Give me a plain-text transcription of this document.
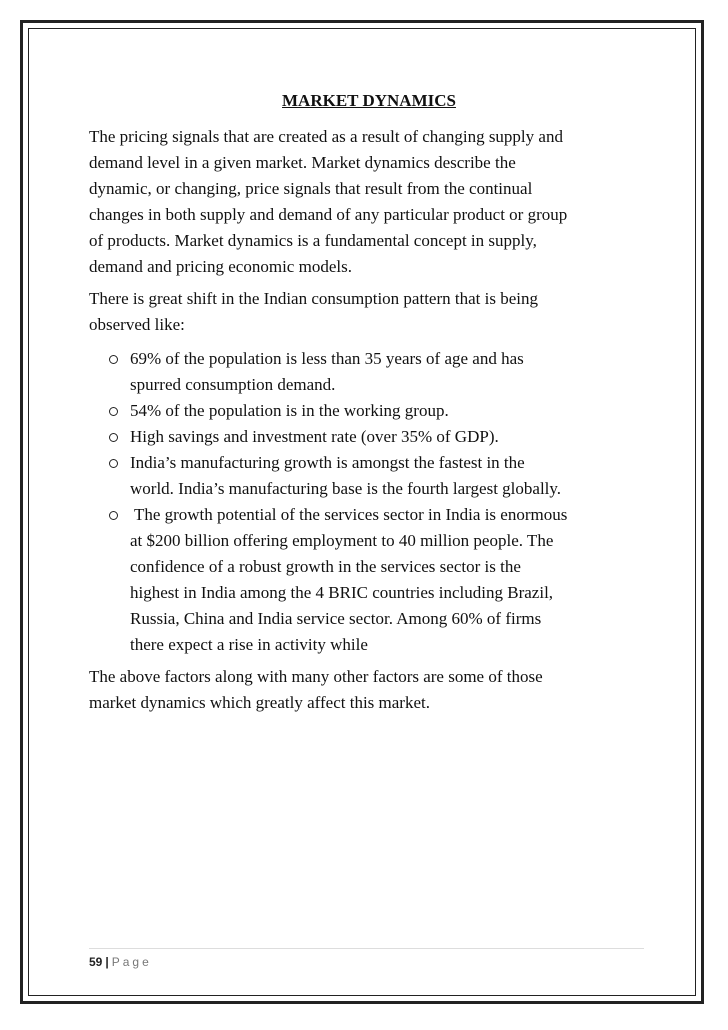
MARKET DYNAMICS
The pricing signals that are created as a result of changing supply and
demand level in a given market. Market dynamics describe the
dynamic, or changing, price signals that result from the continual
changes in both supply and demand of any particular product or group
of products. Market dynamics is a fundamental concept in supply,
demand and pricing economic models.
There is great shift in the Indian consumption pattern that is being
observed like:
69% of the population is less than 35 years of age and has
spurred consumption demand.
54% of the population is in the working group.
High savings and investment rate (over 35% of GDP).
India’s manufacturing growth is amongst the fastest in the
world. India’s manufacturing base is the fourth largest globally.
The growth potential of the services sector in India is enormous
at $200 billion offering employment to 40 million people. The
confidence of a robust growth in the services sector is the
highest in India among the 4 BRIC countries including Brazil,
Russia, China and India service sector. Among 60% of firms
there expect a rise in activity while
The above factors along with many other factors are some of those
market dynamics which greatly affect this market.
59 | Page
